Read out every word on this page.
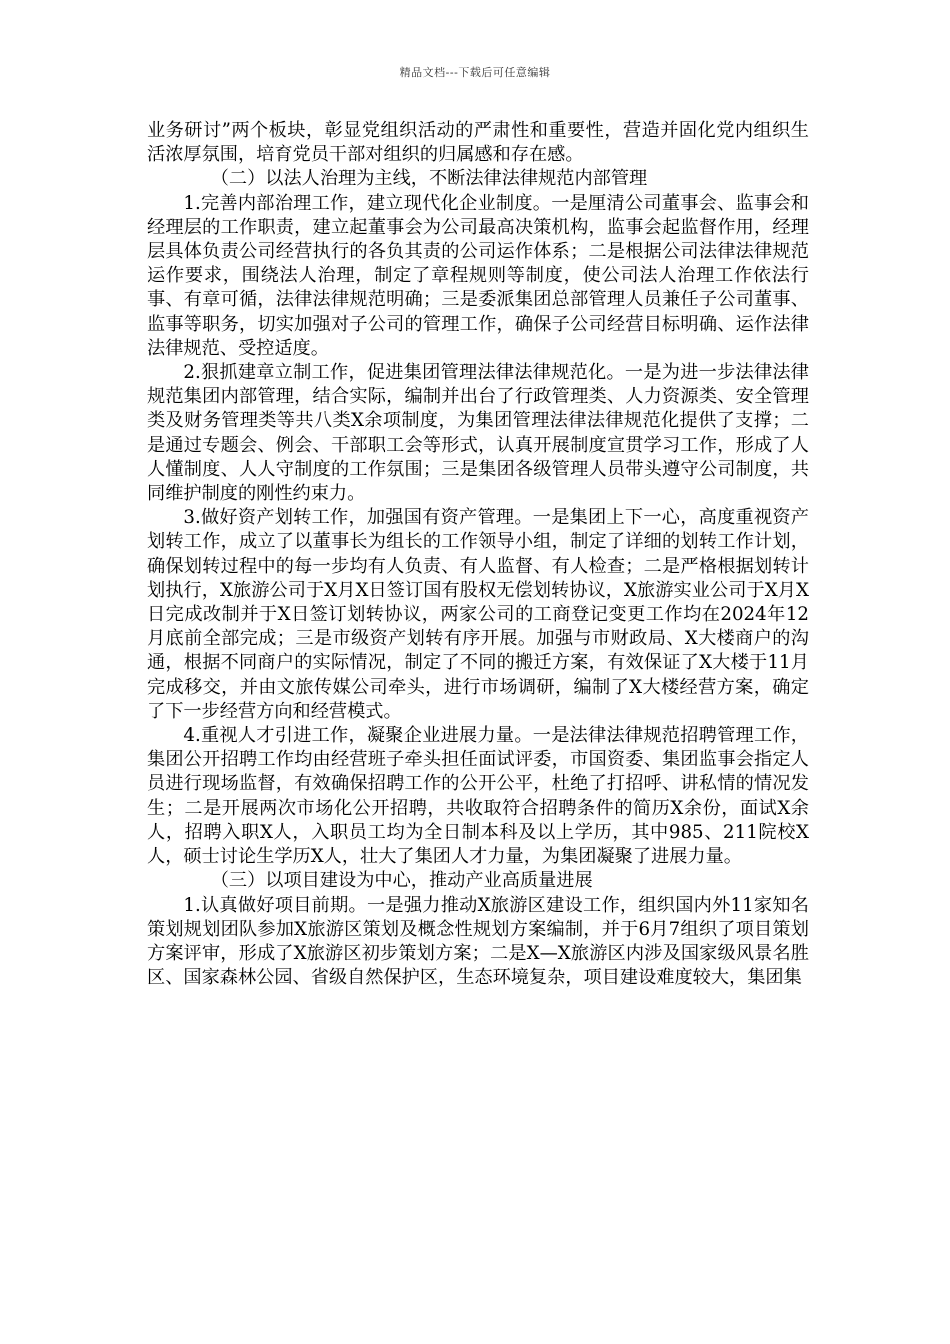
精品文档---下载后可任意编辑

业务研讨”两个板块，彰显党组织活动的严肃性和重要性，营造并固化党内组织生活浓厚氛围，培育党员干部对组织的归属感和存在感。

（二）以法人治理为主线，不断法律法律规范内部管理

1.完善内部治理工作，建立现代化企业制度。一是厘清公司董事会、监事会和经理层的工作职责，建立起董事会为公司最高决策机构，监事会起监督作用，经理层具体负责公司经营执行的各负其责的公司运作体系；二是根据公司法律法律规范运作要求，围绕法人治理，制定了章程规则等制度，使公司法人治理工作依法行事、有章可循，法律法律规范明确；三是委派集团总部管理人员兼任子公司董事、监事等职务，切实加强对子公司的管理工作，确保子公司经营目标明确、运作法律法律规范、受控适度。

2.狠抓建章立制工作，促进集团管理法律法律规范化。一是为进一步法律法律规范集团内部管理，结合实际，编制并出台了行政管理类、人力资源类、安全管理类及财务管理类等共八类X余项制度，为集团管理法律法律规范化提供了支撑；二是通过专题会、例会、干部职工会等形式，认真开展制度宣贯学习工作，形成了人人懂制度、人人守制度的工作氛围；三是集团各级管理人员带头遵守公司制度，共同维护制度的刚性约束力。

3.做好资产划转工作，加强国有资产管理。一是集团上下一心，高度重视资产划转工作，成立了以董事长为组长的工作领导小组，制定了详细的划转工作计划，确保划转过程中的每一步均有人负责、有人监督、有人检查；二是严格根据划转计划执行，X旅游公司于X月X日签订国有股权无偿划转协议，X旅游实业公司于X月X日完成改制并于X日签订划转协议，两家公司的工商登记变更工作均在2024年12月底前全部完成；三是市级资产划转有序开展。加强与市财政局、X大楼商户的沟通，根据不同商户的实际情况，制定了不同的搬迁方案，有效保证了X大楼于11月完成移交，并由文旅传媒公司牵头，进行市场调研，编制了X大楼经营方案，确定了下一步经营方向和经营模式。

4.重视人才引进工作，凝聚企业进展力量。一是法律法律规范招聘管理工作，集团公开招聘工作均由经营班子牵头担任面试评委，市国资委、集团监事会指定人员进行现场监督，有效确保招聘工作的公开公平，杜绝了打招呼、讲私情的情况发生；二是开展两次市场化公开招聘，共收取符合招聘条件的简历X余份，面试X余人，招聘入职X人，入职员工均为全日制本科及以上学历，其中985、211院校X人，硕士讨论生学历X人，壮大了集团人才力量，为集团凝聚了进展力量。

（三）以项目建设为中心，推动产业高质量进展

1.认真做好项目前期。一是强力推动X旅游区建设工作，组织国内外11家知名策划规划团队参加X旅游区策划及概念性规划方案编制，并于6月7组织了项目策划方案评审，形成了X旅游区初步策划方案；二是X—X旅游区内涉及国家级风景名胜区、国家森林公园、省级自然保护区，生态环境复杂，项目建设难度较大，集团集
